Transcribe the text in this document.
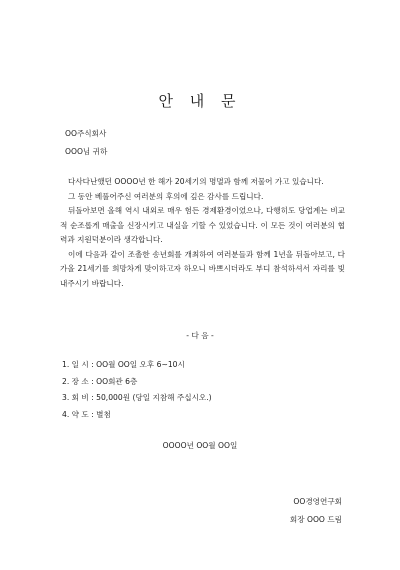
안 내 문
OO주식회사
OOO님 귀하

다사다난했던 OOOO년 한 해가 20세기의 명멸과 함께 저물어 가고 있습니다.

그 동안 베풀어주신 여러분의 후의에 깊은 감사를 드립니다.

뒤돌아보면 올해 역시 내외로 매우 험든 경제환경이었으나, 다행히도 당업계는 비교적 순조롭게 매출을 신장시키고 내실을 기할 수 있었습니다. 이 모든 것이 여러분의 협력과 지원덕분이라 생각합니다.

이에 다음과 같이 조촐한 송년회를 개최하여 여러분들과 함께 1년을 뒤돌아보고, 다가올 21세기를 희망차게 맞이하고자 하오니 바쁘시더라도 부디 참석하셔서 자리를 빛내주시기 바랍니다.

- 다 음 -
1. 일 시 : OO월 OO일 오후 6~10시
2. 장 소 : OO회관 6층
3. 회 비 : 50,000원 (당일 지참해 주십시오.)
4. 약 도 : 별첨
OOOO년 OO월 OO일
OO경영연구회
회장 OOO 드림
